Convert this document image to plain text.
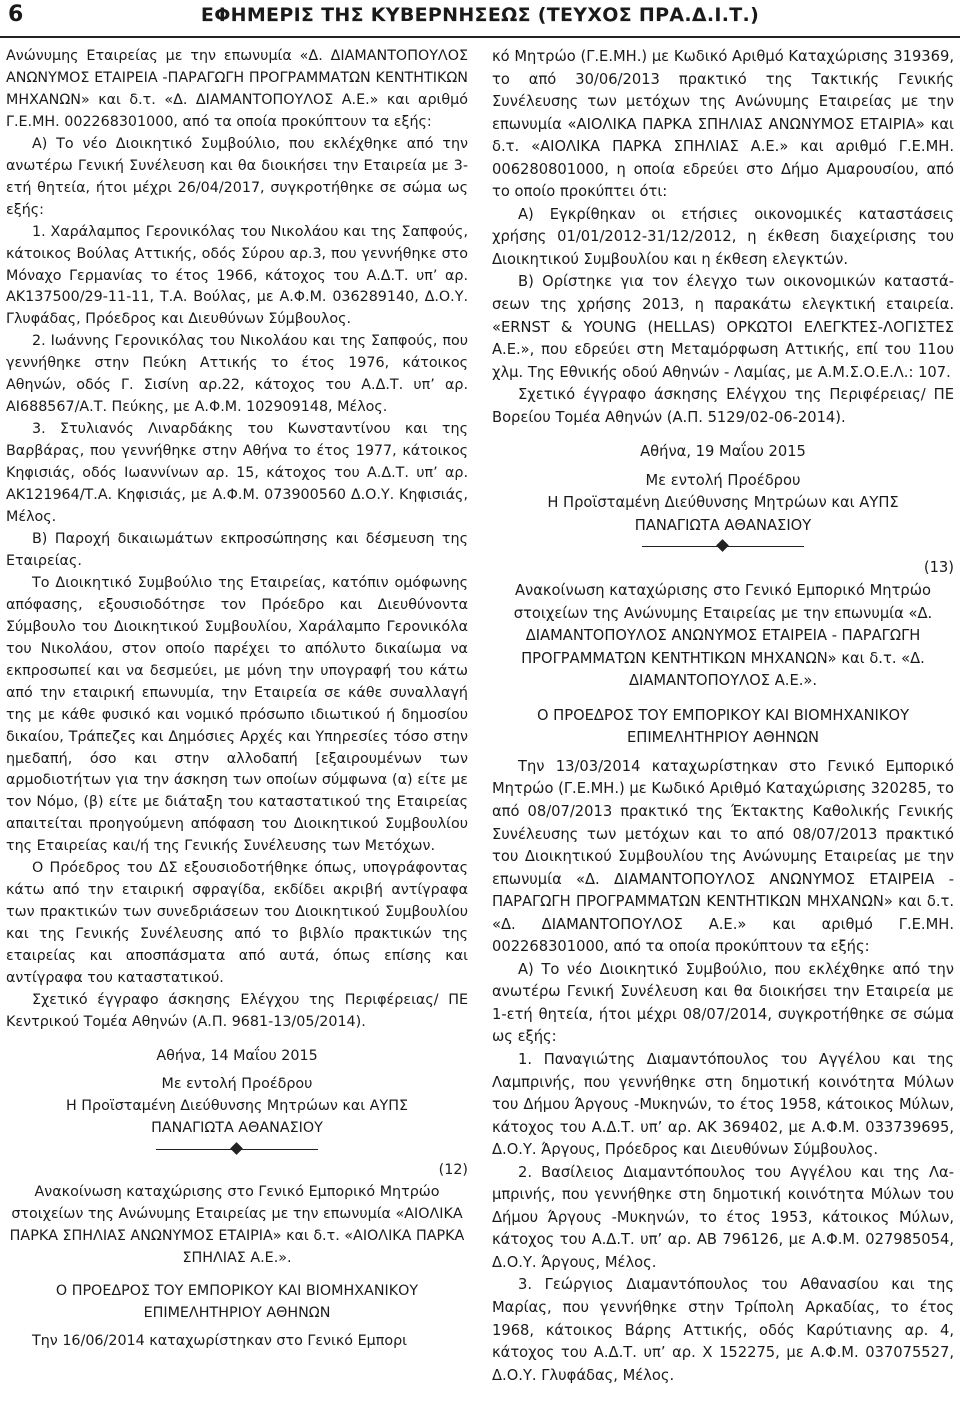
6	ΕΦΗΜΕΡΙΣ ΤΗΣ ΚΥΒΕΡΝΗΣΕΩΣ (ΤΕΥΧΟΣ ΠΡΑ.Δ.Ι.Τ.)

Ανώνυμης Εταιρείας με την επωνυμία «Δ. ΔΙΑΜΑΝΤΟΠΟΥΛΟΣ ΑΝΩΝΥΜΟΣ ΕΤΑΙΡΕΙΑ -ΠΑΡΑΓΩΓΗ ΠΡΟΓΡΑΜΜΑΤΩΝ ΚΕΝΤΗΤΙΚΩΝ ΜΗΧΑΝΩΝ» και δ.τ. «Δ. ΔΙΑΜΑΝΤΟΠΟΥΛΟΣ Α.Ε.» και αριθμό Γ.Ε.ΜΗ. 002268301000, από τα οποία προκύπτουν τα εξής:

Α) Το νέο Διοικητικό Συμβούλιο, που εκλέχθηκε από την ανωτέρω Γενική Συνέλευση και θα διοικήσει την Εταιρεία με 3-ετή θητεία, ήτοι μέχρι 26/04/2017, συγκροτήθηκε σε σώμα ως εξής:

1. Χαράλαμπος Γερονικόλας του Νικολάου και της Σαπφούς, κάτοικος Βούλας Αττικής, οδός Σύρου αρ.3, που γεννήθηκε στο Μόναχο Γερμανίας το έτος 1966, κάτοχος του Α.Δ.Τ. υπ’ αρ. ΑΚ137500/29-11-11, Τ.Α. Βούλας, με Α.Φ.Μ. 036289140, Δ.Ο.Υ. Γλυφάδας, Πρόεδρος και Διευθύνων Σύμβουλος.

2. Ιωάννης Γερονικόλας του Νικολάου και της Σαπφούς, που γεννήθηκε στην Πεύκη Αττικής το έτος 1976, κάτοικος Αθηνών, οδός Γ. Σισίνη αρ.22, κάτοχος του Α.Δ.Τ. υπ’ αρ. ΑΙ688567/Α.Τ. Πεύκης, με Α.Φ.Μ. 102909148, Μέλος.

3. Στυλιανός Λιναρδάκης του Κωνσταντίνου και της Βαρβάρας, που γεννήθηκε στην Αθήνα το έτος 1977, κάτοικος Κηφισιάς, οδός Ιωαννίνων αρ. 15, κάτοχος του Α.Δ.Τ. υπ’ αρ. ΑΚ121964/Τ.Α. Κηφισιάς, με Α.Φ.Μ. 073900560 Δ.Ο.Υ. Κηφισιάς, Μέλος.

Β) Παροχή δικαιωμάτων εκπροσώπησης και δέσμευση της Εταιρείας.

Το Διοικητικό Συμβούλιο της Εταιρείας, κατόπιν ομόφωνης απόφασης, εξουσιοδότησε τον Πρόεδρο και Διευθύνοντα Σύμβουλο του Διοικητικού Συμβουλίου, Χαράλαμπο Γερονικόλα του Νικολάου, στον οποίο παρέχει το απόλυτο δικαίωμα να εκπροσωπεί και να δεσμεύει, με μόνη την υπογραφή του κάτω από την εταιρική επωνυμία, την Εταιρεία σε κάθε συναλλαγή της με κάθε φυσικό και νομικό πρόσωπο ιδιωτικού ή δημοσίου δικαίου, Τράπεζες και Δημόσιες Αρχές και Υπηρεσίες τόσο στην ημεδαπή, όσο και στην αλλοδαπή [εξαιρουμένων των αρμοδιοτήτων για την άσκηση των οποίων σύμφωνα (α) είτε με τον Νόμο, (β) είτε με διάταξη του καταστατικού της Εταιρείας απαιτείται προηγούμενη απόφαση του Διοικητικού Συμβουλίου της Εταιρείας και/ή της Γενικής Συνέλευσης των Μετόχων.

Ο Πρόεδρος του ΔΣ εξουσιοδοτήθηκε όπως, υπογράφοντας κάτω από την εταιρική σφραγίδα, εκδίδει ακριβή αντίγραφα των πρακτικών των συνεδριάσεων του Διοικητικού Συμβουλίου και της Γενικής Συνέλευσης από το βιβλίο πρακτικών της εταιρείας και αποσπάσματα από αυτά, όπως επίσης και αντίγραφα του καταστατικού.

Σχετικό έγγραφο άσκησης Ελέγχου της Περιφέρειας/ ΠΕ Κεντρικού Τομέα Αθηνών (Α.Π. 9681-13/05/2014).

Αθήνα, 14 Μαΐου 2015

Με εντολή Προέδρου

Η Προϊσταμένη Διεύθυνσης Μητρώων και ΑΥΠΣ

ΠΑΝΑΓΙΩΤΑ ΑΘΑΝΑΣΙΟΥ

(12)

Ανακοίνωση καταχώρισης στο Γενικό Εμπορικό Μητρώο στοιχείων της Ανώνυμης Εταιρείας με την επωνυμία «ΑΙΟΛΙΚΑ ΠΑΡΚΑ ΣΠΗΛΙΑΣ ΑΝΩΝΥΜΟΣ ΕΤΑΙΡΙΑ» και δ.τ. «ΑΙΟΛΙΚΑ ΠΑΡΚΑ ΣΠΗΛΙΑΣ Α.Ε.».

Ο ΠΡΟΕΔΡΟΣ ΤΟΥ ΕΜΠΟΡΙΚΟΥ ΚΑΙ ΒΙΟΜΗΧΑΝΙΚΟΥ

ΕΠΙΜΕΛΗΤΗΡΙΟΥ ΑΘΗΝΩΝ

Την 16/06/2014 καταχωρίστηκαν στο Γενικό Εμπορι

κό Μητρώο (Γ.Ε.ΜΗ.) με Κωδικό Αριθμό Καταχώρισης 319369, το από 30/06/2013 πρακτικό της Τακτικής Γενικής Συνέλευσης των μετόχων της Ανώνυμης Εταιρείας με την επωνυμία «ΑΙΟΛΙΚΑ ΠΑΡΚΑ ΣΠΗΛΙΑΣ ΑΝΩΝΥΜΟΣ ΕΤΑΙΡΙΑ» και δ.τ. «ΑΙΟΛΙΚΑ ΠΑΡΚΑ ΣΠΗΛΙΑΣ Α.Ε.» και αριθμό Γ.Ε.ΜΗ. 006280801000, η οποία εδρεύει στο Δήμο Αμαρουσίου, από το οποίο προκύπτει ότι:

Α) Εγκρίθηκαν οι ετήσιες οικονομικές καταστάσεις χρήσης 01/01/2012-31/12/2012, η έκθεση διαχείρισης του Διοικητικού Συμβουλίου και η έκθεση ελεγκτών.

Β) Ορίστηκε για τον έλεγχο των οικονομικών καταστάσεων της χρήσης 2013, η παρακάτω ελεγκτική εταιρεία. «ERNST & YOUNG (HELLAS) ΟΡΚΩΤΟΙ ΕΛΕΓΚΤΕΣ-ΛΟΓΙΣΤΕΣ Α.Ε.», που εδρεύει στη Μεταμόρφωση Αττικής, επί του 11ου χλμ. Της Εθνικής οδού Αθηνών - Λαμίας, με Α.Μ.Σ.Ο.Ε.Λ.: 107.

Σχετικό έγγραφο άσκησης Ελέγχου της Περιφέρειας/ ΠΕ Βορείου Τομέα Αθηνών (Α.Π. 5129/02-06-2014).

Αθήνα, 19 Μαΐου 2015

Με εντολή Προέδρου

Η Προϊσταμένη Διεύθυνσης Μητρώων και ΑΥΠΣ

ΠΑΝΑΓΙΩΤΑ ΑΘΑΝΑΣΙΟΥ

(13)

Ανακοίνωση καταχώρισης στο Γενικό Εμπορικό Μητρώο στοιχείων της Ανώνυμης Εταιρείας με την επωνυμία «Δ. ΔΙΑΜΑΝΤΟΠΟΥΛΟΣ ΑΝΩΝΥΜΟΣ ΕΤΑΙΡΕΙΑ - ΠΑΡΑΓΩΓΗ ΠΡΟΓΡΑΜΜΑΤΩΝ ΚΕΝΤΗΤΙΚΩΝ ΜΗΧΑΝΩΝ» και δ.τ. «Δ. ΔΙΑΜΑΝΤΟΠΟΥΛΟΣ Α.Ε.».

Ο ΠΡΟΕΔΡΟΣ ΤΟΥ ΕΜΠΟΡΙΚΟΥ ΚΑΙ ΒΙΟΜΗΧΑΝΙΚΟΥ

ΕΠΙΜΕΛΗΤΗΡΙΟΥ ΑΘΗΝΩΝ

Την 13/03/2014 καταχωρίστηκαν στο Γενικό Εμπορικό Μητρώο (Γ.Ε.ΜΗ.) με Κωδικό Αριθμό Καταχώρισης 320285, το από 08/07/2013 πρακτικό της Έκτακτης Καθολικής Γενικής Συνέλευσης των μετόχων και το από 08/07/2013 πρακτικό του Διοικητικού Συμβουλίου της Ανώνυμης Εταιρείας με την επωνυμία «Δ. ΔΙΑΜΑΝΤΟΠΟΥΛΟΣ ΑΝΩΝΥΜΟΣ ΕΤΑΙΡΕΙΑ - ΠΑΡΑΓΩΓΗ ΠΡΟΓΡΑΜΜΑΤΩΝ ΚΕΝΤΗΤΙΚΩΝ ΜΗΧΑΝΩΝ» και δ.τ. «Δ. ΔΙΑΜΑΝΤΟΠΟΥΛΟΣ Α.Ε.» και αριθμό Γ.Ε.ΜΗ. 002268301000, από τα οποία προκύπτουν τα εξής:

Α) Το νέο Διοικητικό Συμβούλιο, που εκλέχθηκε από την ανωτέρω Γενική Συνέλευση και θα διοικήσει την Εταιρεία με 1-ετή θητεία, ήτοι μέχρι 08/07/2014, συγκροτήθηκε σε σώμα ως εξής:

1. Παναγιώτης Διαμαντόπουλος του Αγγέλου και της Λαμπρινής, που γεννήθηκε στη δημοτική κοινότητα Μύλων του Δήμου Άργους -Μυκηνών, το έτος 1958, κάτοικος Μύλων, κάτοχος του Α.Δ.Τ. υπ’ αρ. ΑΚ 369402, με Α.Φ.Μ. 033739695, Δ.Ο.Υ. Άργους, Πρόεδρος και Διευθύνων Σύμβουλος.

2. Βασίλειος Διαμαντόπουλος του Αγγέλου και της Λαμπρινής, που γεννήθηκε στη δημοτική κοινότητα Μύλων του Δήμου Άργους -Μυκηνών, το έτος 1953, κάτοικος Μύλων, κάτοχος του Α.Δ.Τ. υπ’ αρ. ΑΒ 796126, με Α.Φ.Μ. 027985054, Δ.Ο.Υ. Άργους, Μέλος.

3. Γεώργιος Διαμαντόπουλος του Αθανασίου και της Μαρίας, που γεννήθηκε στην Τρίπολη Αρκαδίας, το έτος 1968, κάτοικος Βάρης Αττικής, οδός Καρύτιανης αρ. 4, κάτοχος του Α.Δ.Τ. υπ’ αρ. Χ 152275, με Α.Φ.Μ. 037075527, Δ.Ο.Υ. Γλυφάδας, Μέλος.
